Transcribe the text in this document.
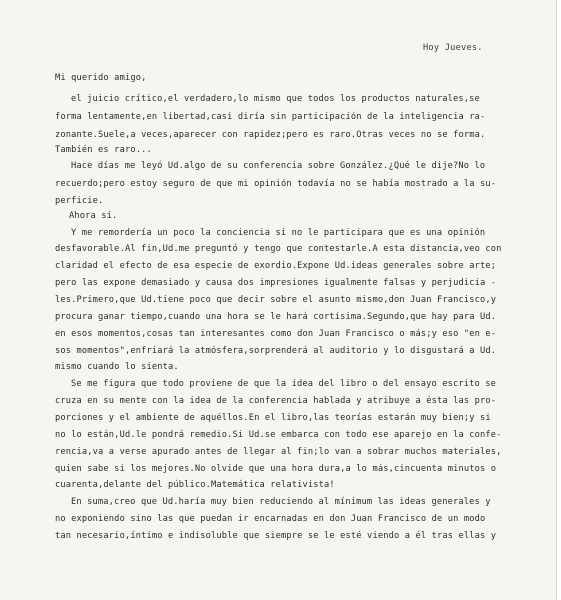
Hoy Jueves.
Mi querido amigo,
el juicio crítico,el verdadero,lo mismo que todos los productos naturales,se
forma lentamente,en libertad,casi diría sin participación de la inteligencia ra-
zonante.Suele,a veces,aparecer con rapidez;pero es raro.Otras veces no se forma.
También es raro...
Hace días me leyó Ud.algo de su conferencia sobre González.¿Qué le dije?No lo
recuerdo;pero estoy seguro de que mi opinión todavía no se había mostrado a la su-
perficie.
Ahora sí.
Y me remordería un poco la conciencia si no le participara que es una opinión
desfavorable.Al fin,Ud.me preguntó y tengo que contestarle.A esta distancia,veo con
claridad el efecto de esa especie de exordio.Expone Ud.ideas generales sobre arte;
pero las expone demasiado y causa dos impresiones igualmente falsas y perjudicia -
les.Primero,que Ud.tiene poco que decir sobre el asunto mismo,don Juan Francisco,y
procura ganar tiempo,cuando una hora se le hará cortísima.Segundo,que hay para Ud.
en esos momentos,cosas tan interesantes como don Juan Francisco o más;y eso "en e-
sos momentos",enfriará la atmósfera,sorprenderá al auditorio y lo disgustará a Ud.
mismo cuando lo sienta.
Se me figura que todo proviene de que la idea del libro o del ensayo escrito se
cruza en su mente con la idea de la conferencia hablada y atribuye a ésta las pro-
porciones y el ambiente de aquéllos.En el libro,las teorías estarán muy bien;y si
no lo están,Ud.le pondrá remedio.Si Ud.se embarca con todo ese aparejo en la confe-
rencia,va a verse apurado antes de llegar al fin;lo van a sobrar muchos materiales,
quien sabe si los mejores.No olvide que una hora dura,a lo más,cincuenta minutos o
cuarenta,delante del público.Matemática relativista!
En suma,creo que Ud.haría muy bien reduciendo al mínimum las ideas generales y
no exponiendo sino las que puedan ir encarnadas en don Juan Francisco de un modo
tan necesario,íntimo e indisoluble que siempre se le esté viendo a él tras ellas y
